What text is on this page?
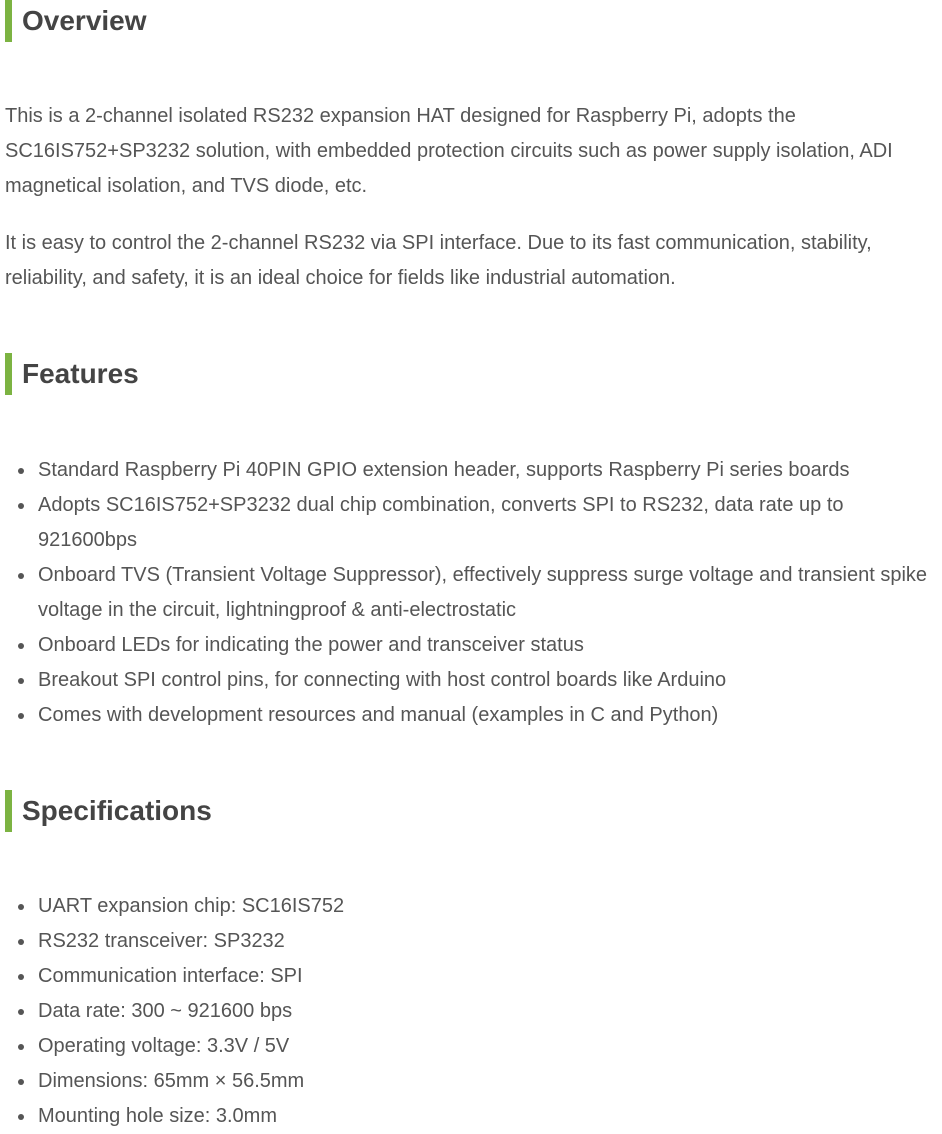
Overview

This is a 2-channel isolated RS232 expansion HAT designed for Raspberry Pi, adopts the SC16IS752+SP3232 solution, with embedded protection circuits such as power supply isolation, ADI magnetical isolation, and TVS diode, etc.

It is easy to control the 2-channel RS232 via SPI interface. Due to its fast communication, stability, reliability, and safety, it is an ideal choice for fields like industrial automation.

Features
Standard Raspberry Pi 40PIN GPIO extension header, supports Raspberry Pi series boards
Adopts SC16IS752+SP3232 dual chip combination, converts SPI to RS232, data rate up to 921600bps
Onboard TVS (Transient Voltage Suppressor), effectively suppress surge voltage and transient spike voltage in the circuit, lightningproof & anti-electrostatic
Onboard LEDs for indicating the power and transceiver status
Breakout SPI control pins, for connecting with host control boards like Arduino
Comes with development resources and manual (examples in C and Python)
Specifications
UART expansion chip: SC16IS752
RS232 transceiver: SP3232
Communication interface: SPI
Data rate: 300 ~ 921600 bps
Operating voltage: 3.3V / 5V
Dimensions: 65mm × 56.5mm
Mounting hole size: 3.0mm
